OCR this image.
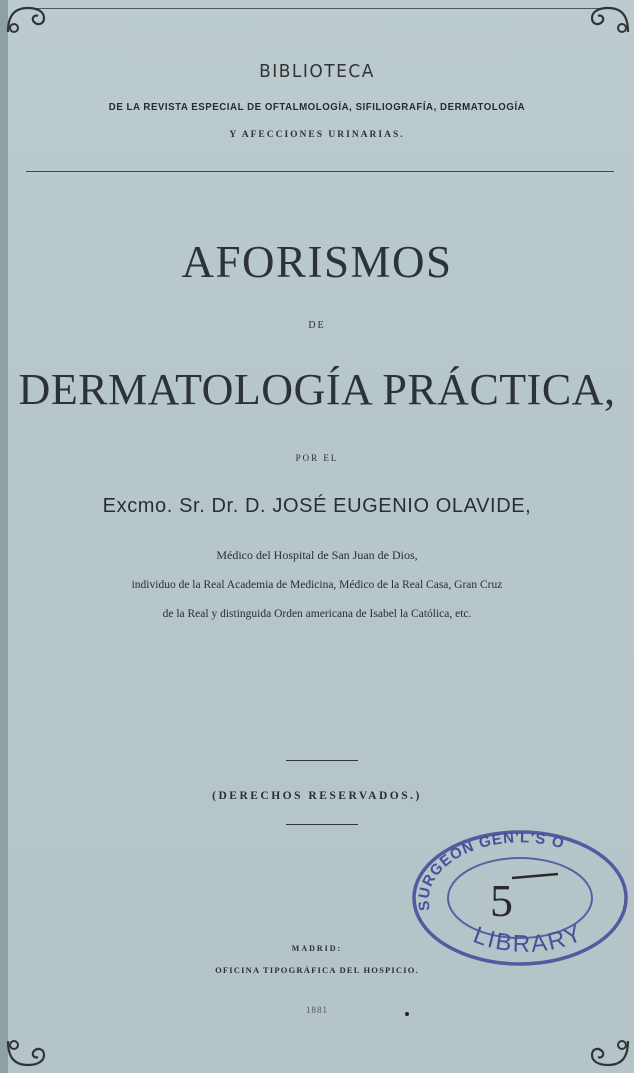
BIBLIOTECA
DE LA REVISTA ESPECIAL DE OFTALMOLOGÍA, SIFILIOGRAFÍA, DERMATOLOGÍA
Y AFECCIONES URINARIAS.
AFORISMOS
DE
DERMATOLOGÍA PRÁCTICA,
POR EL
Excmo. Sr. Dr. D. JOSÉ EUGENIO OLAVIDE,
Médico del Hospital de San Juan de Dios,
individuo de la Real Academia de Medicina, Médico de la Real Casa, Gran Cruz
de la Real y distinguida Orden americana de Isabel la Católica, etc.
(DERECHOS RESERVADOS.)
SURGEON GEN'L'S O
LIBRARY
5
MADRID:
OFICINA TIPOGRÁFICA DEL HOSPICIO.
1881
